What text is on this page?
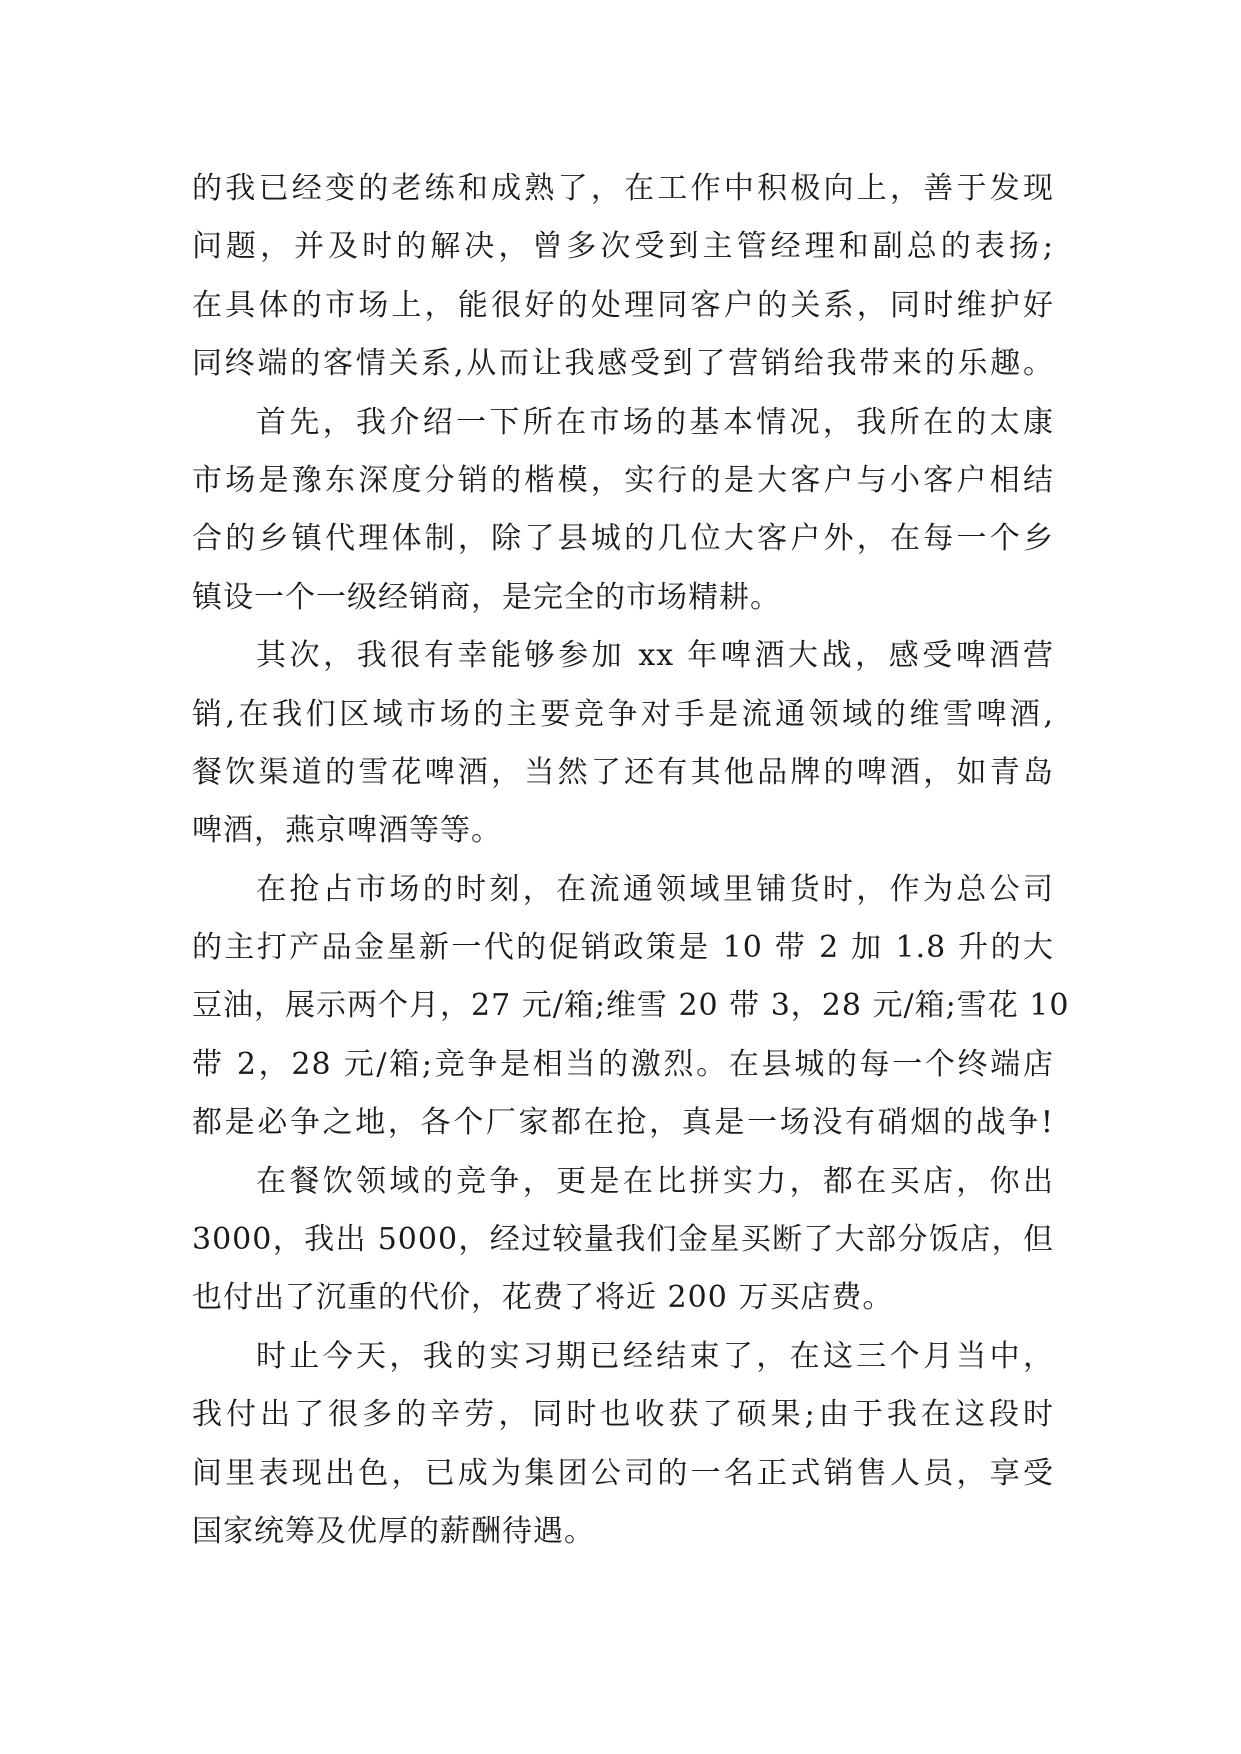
的我已经变的老练和成熟了，在工作中积极向上，善于发现
问题，并及时的解决，曾多次受到主管经理和副总的表扬;
在具体的市场上，能很好的处理同客户的关系，同时维护好
同终端的客情关系,从而让我感受到了营销给我带来的乐趣。
首先，我介绍一下所在市场的基本情况，我所在的太康
市场是豫东深度分销的楷模，实行的是大客户与小客户相结
合的乡镇代理体制，除了县城的几位大客户外，在每一个乡
镇设一个一级经销商，是完全的市场精耕。
其次，我很有幸能够参加 xx 年啤酒大战，感受啤酒营
销,在我们区域市场的主要竞争对手是流通领域的维雪啤酒,
餐饮渠道的雪花啤酒，当然了还有其他品牌的啤酒，如青岛
啤酒，燕京啤酒等等。
在抢占市场的时刻，在流通领域里铺货时，作为总公司
的主打产品金星新一代的促销政策是 10 带 2 加 1.8 升的大
豆油，展示两个月，27 元/箱;维雪 20 带 3，28 元/箱;雪花 10
带 2，28 元/箱;竞争是相当的激烈。在县城的每一个终端店
都是必争之地，各个厂家都在抢，真是一场没有硝烟的战争!
在餐饮领域的竞争，更是在比拼实力，都在买店，你出
3000，我出 5000，经过较量我们金星买断了大部分饭店，但
也付出了沉重的代价，花费了将近 200 万买店费。
时止今天，我的实习期已经结束了，在这三个月当中，
我付出了很多的辛劳，同时也收获了硕果;由于我在这段时
间里表现出色，已成为集团公司的一名正式销售人员，享受
国家统筹及优厚的薪酬待遇。
